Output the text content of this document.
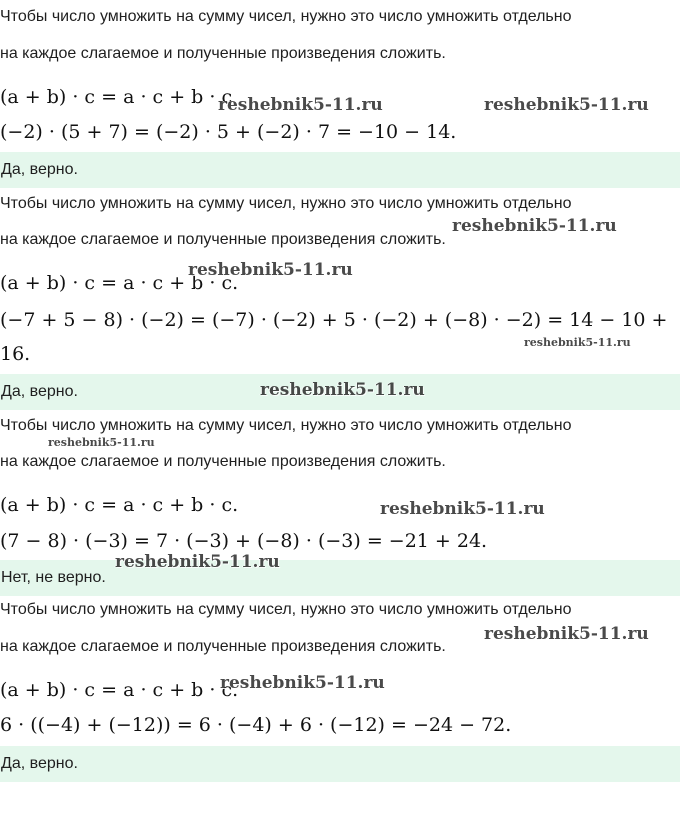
Чтобы число умножить на сумму чисел, нужно это число умножить отдельно
на каждое слагаемое и полученные произведения сложить.
(a + b) · c = a · c + b · c
(−2) · (5 + 7) = (−2) · 5 + (−2) · 7 = −10 − 14.
Да, верно.
Чтобы число умножить на сумму чисел, нужно это число умножить отдельно
на каждое слагаемое и полученные произведения сложить.
(a + b) · c = a · c + b · c.
(−7 + 5 − 8) · (−2) = (−7) · (−2) + 5 · (−2) + (−8) · −2) = 14 − 10 +
16.
Да, верно.
Чтобы число умножить на сумму чисел, нужно это число умножить отдельно
на каждое слагаемое и полученные произведения сложить.
(a + b) · c = a · c + b · c.
(7 − 8) · (−3) = 7 · (−3) + (−8) · (−3) = −21 + 24.
Нет, не верно.
Чтобы число умножить на сумму чисел, нужно это число умножить отдельно
на каждое слагаемое и полученные произведения сложить.
(a + b) · c = a · c + b · c.
6 · ((−4) + (−12)) = 6 · (−4) + 6 · (−12) = −24 − 72.
Да, верно.
reshebnik5-11.ru	reshebnik5-11.ru
reshebnik5-11.ru
reshebnik5-11.ru
reshebnik5-11.ru
reshebnik5-11.ru
reshebnik5-11.ru
reshebnik5-11.ru
reshebnik5-11.ru
reshebnik5-11.ru
reshebnik5-11.ru
